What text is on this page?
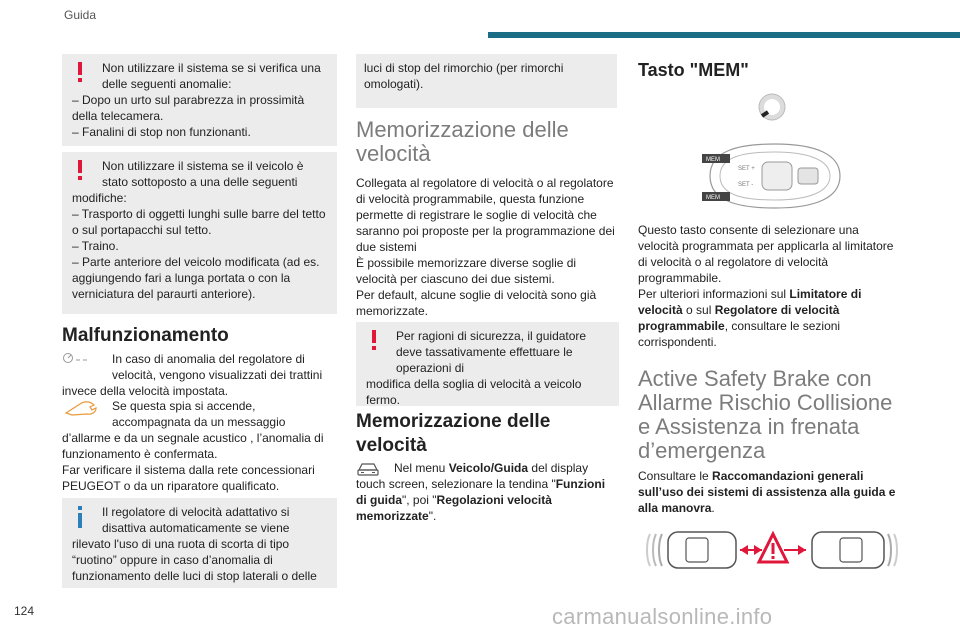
Guida
Non utilizzare il sistema se si verifica una delle seguenti anomalie:
– Dopo un urto sul parabrezza in prossimità della telecamera.
– Fanalini di stop non funzionanti.
Non utilizzare il sistema se il veicolo è stato sottoposto a una delle seguenti
modifiche:
– Trasporto di oggetti lunghi sulle barre del tetto o sul portapacchi sul tetto.
– Traino.
– Parte anteriore del veicolo modificata (ad es. aggiungendo fari a lunga portata o con la verniciatura del paraurti anteriore).
Malfunzionamento
In caso di anomalia del regolatore di velocità, vengono visualizzati dei trattini
invece della velocità impostata.
Se questa spia si accende, accompagnata da un messaggio
d’allarme e da un segnale acustico , l’anomalia di funzionamento è confermata.
Far verificare il sistema dalla rete concessionari PEUGEOT o da un riparatore qualificato.
Il regolatore di velocità adattativo si disattiva automaticamente se viene
rilevato l'uso di una ruota di scorta di tipo “ruotino” oppure in caso d’anomalia di funzionamento delle luci di stop laterali o delle
luci di stop del rimorchio (per rimorchi omologati).
Memorizzazione delle velocità

Collegata al regolatore di velocità o al regolatore di velocità programmabile, questa funzione permette di registrare le soglie di velocità che saranno poi proposte per la programmazione dei due sistemi

È possibile memorizzare diverse soglie di velocità per ciascuno dei due sistemi.

Per default, alcune soglie di velocità sono già memorizzate.

Per ragioni di sicurezza, il guidatore deve tassativamente effettuare le operazioni di
modifica della soglia di velocità a veicolo fermo.
Memorizzazione delle velocità
Nel menu Veicolo/Guida del display touch screen, selezionare la tendina "Funzioni di guida", poi "Regolazioni velocità memorizzate".
Tasto "MEM"
MEM
SET +
SET -
MEM

Questo tasto consente di selezionare una velocità programmata per applicarla al limitatore di velocità o al regolatore di velocità programmabile.

Per ulteriori informazioni sul Limitatore di velocità o sul Regolatore di velocità programmabile, consultare le sezioni corrispondenti.

Active Safety Brake con Allarme Rischio Collisione e Assistenza in frenata d’emergenza

Consultare le Raccomandazioni generali sull’uso dei sistemi di assistenza alla guida e alla manovra.

124	carmanualsonline.info
